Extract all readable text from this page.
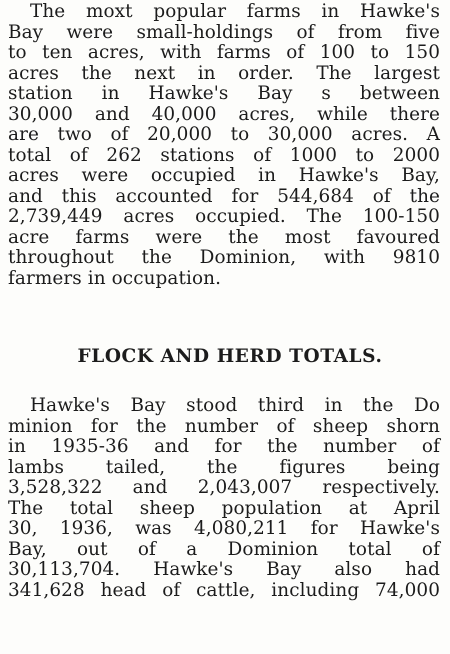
The moxt popular farms in Hawke's
Bay were small-holdings of from five
to ten acres, with farms of 100 to 150
acres the next in order. The largest
station in Hawke's Bay s between
30,000 and 40,000 acres, while there
are two of 20,000 to 30,000 acres. A
total of 262 stations of 1000 to 2000
acres were occupied in Hawke's Bay,
and this accounted for 544,684 of the
2,739,449 acres occupied. The 100-150
acre farms were the most favoured
throughout the Dominion, with 9810
farmers in occupation.
FLOCK AND HERD TOTALS.
Hawke's Bay stood third in the Do
minion for the number of sheep shorn
in 1935-36 and for the number of
lambs tailed, the figures being
3,528,322 and 2,043,007 respectively.
The total sheep population at April
30, 1936, was 4,080,211 for Hawke's
Bay, out of a Dominion total of
30,113,704. Hawke's Bay also had
341,628 head of cattle, including 74,000
